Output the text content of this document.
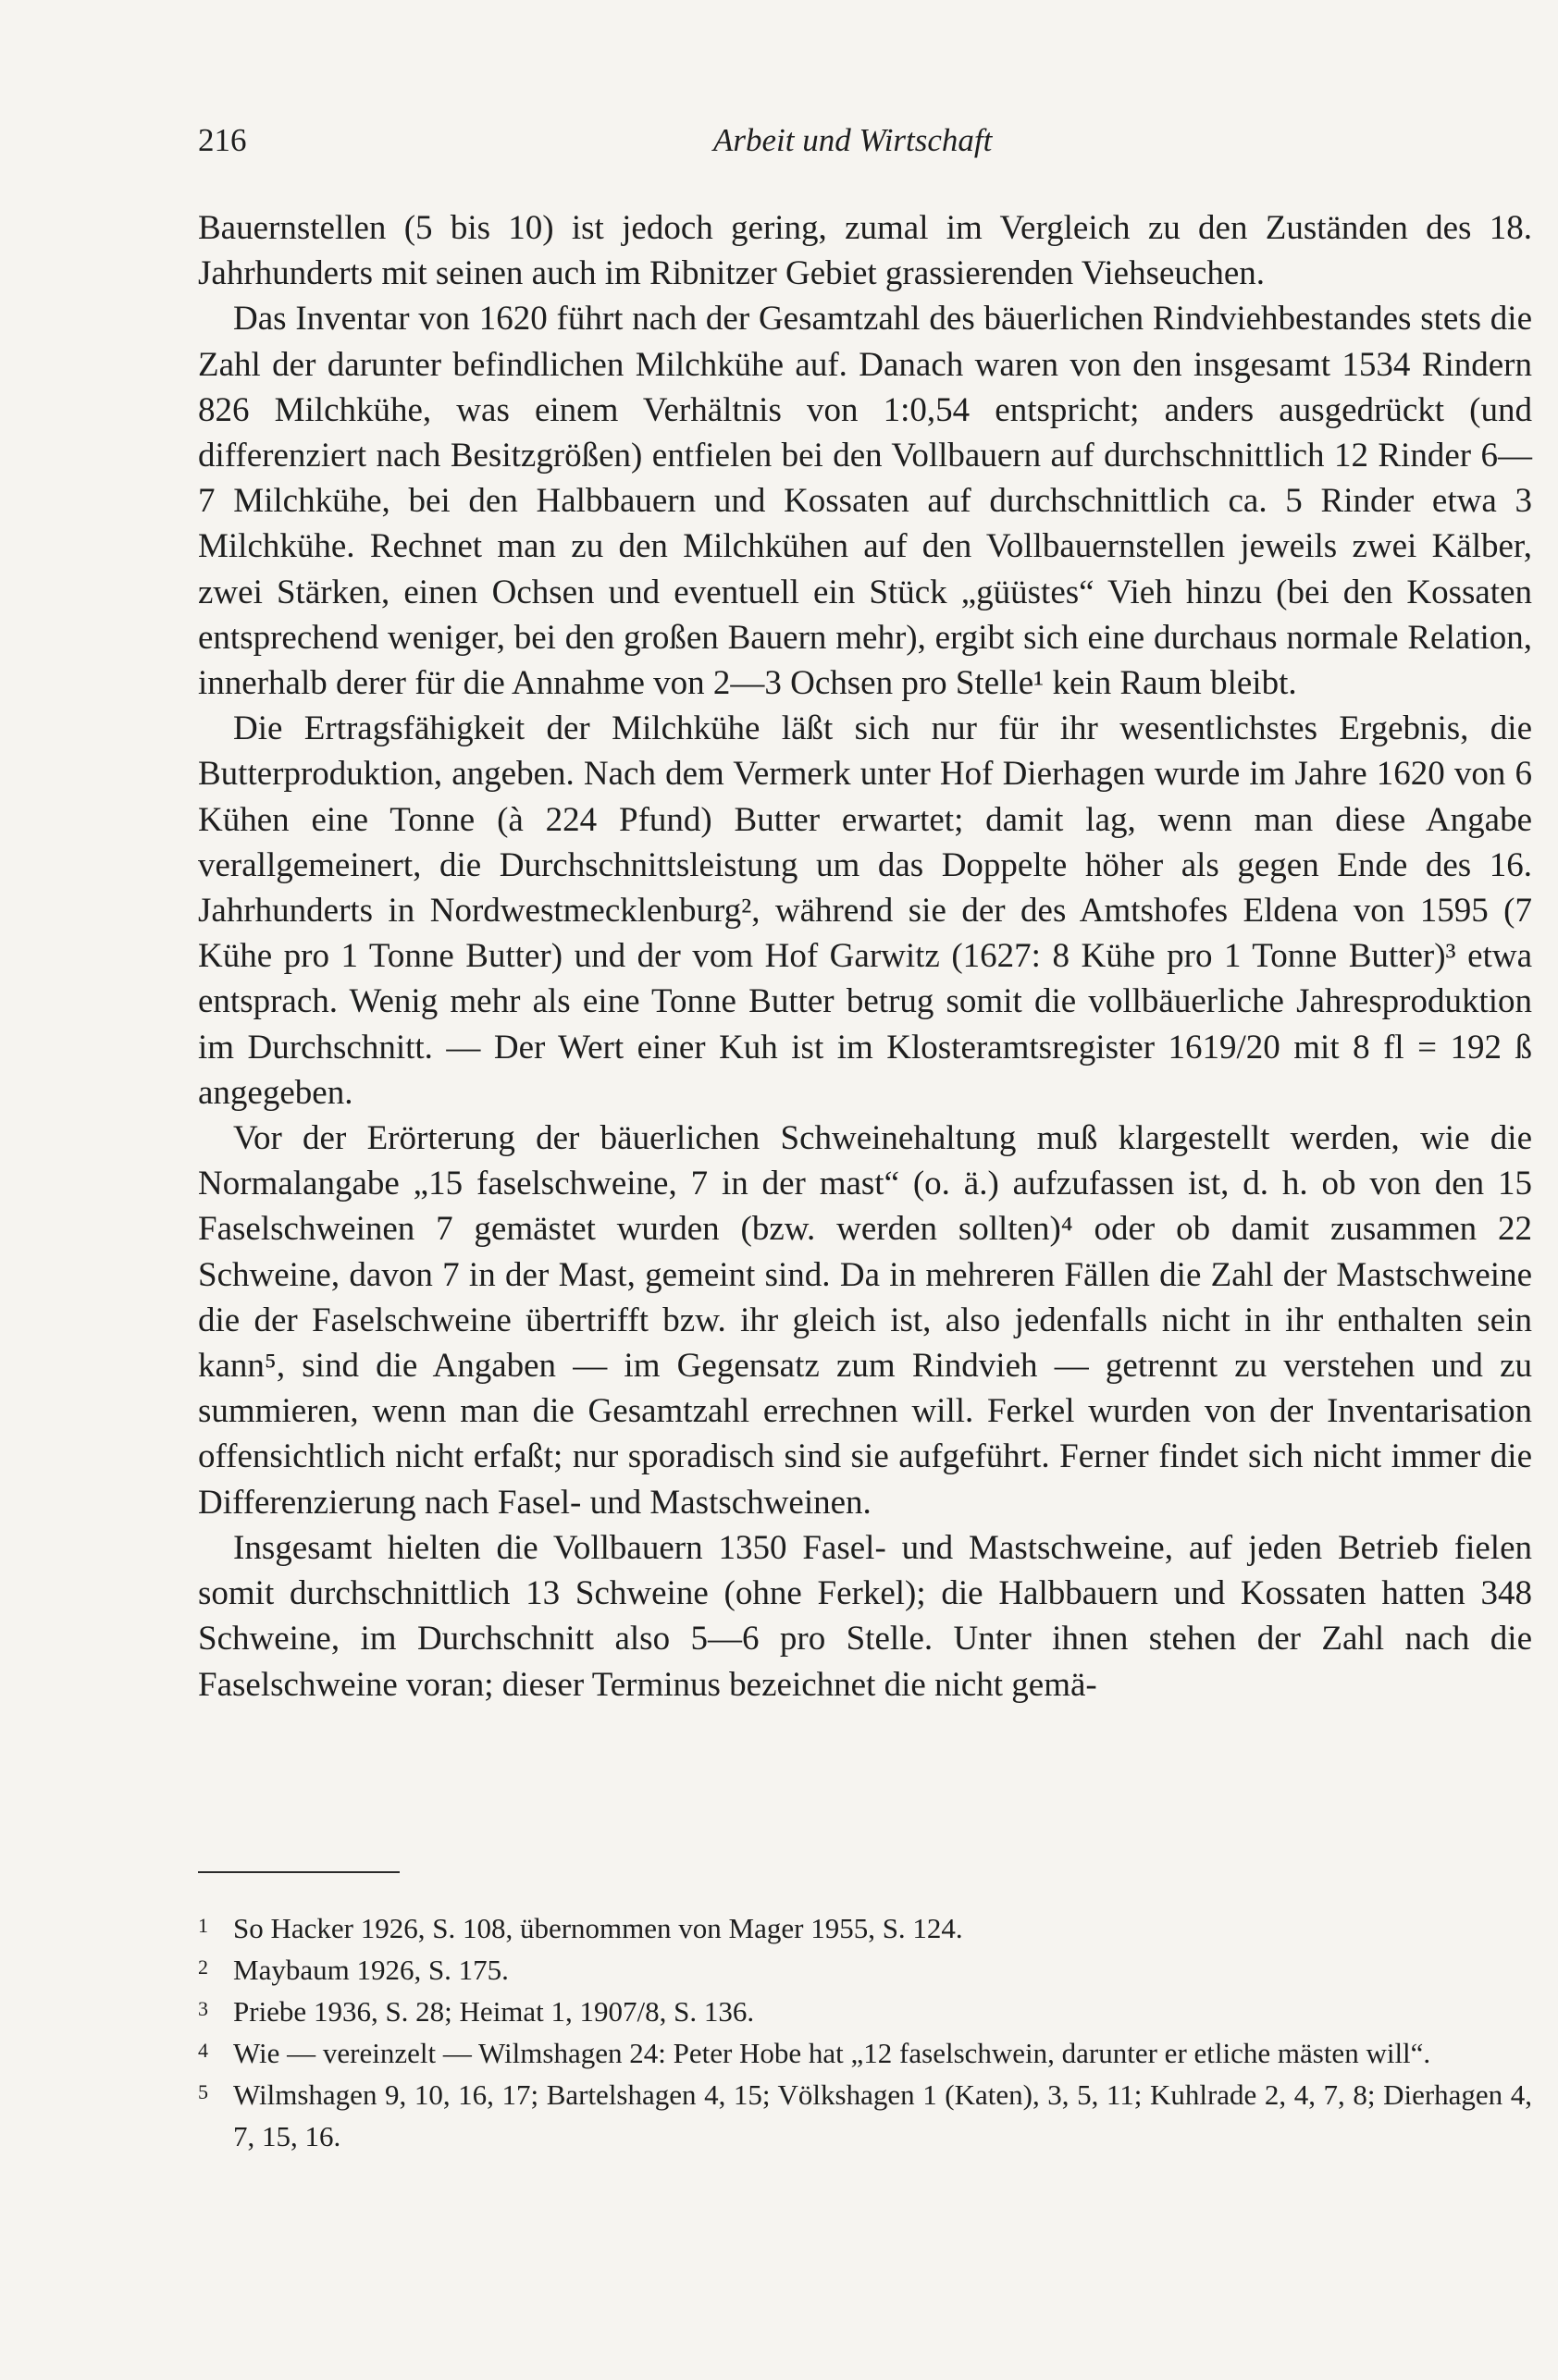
216	Arbeit und Wirtschaft

Bauernstellen (5 bis 10) ist jedoch gering, zumal im Vergleich zu den Zuständen des 18. Jahrhunderts mit seinen auch im Ribnitzer Gebiet grassierenden Viehseuchen.

Das Inventar von 1620 führt nach der Gesamtzahl des bäuerlichen Rindviehbestandes stets die Zahl der darunter befindlichen Milchkühe auf. Danach waren von den insgesamt 1534 Rindern 826 Milchkühe, was einem Verhältnis von 1:0,54 entspricht; anders ausgedrückt (und differenziert nach Besitzgrößen) entfielen bei den Vollbauern auf durchschnittlich 12 Rinder 6—7 Milchkühe, bei den Halbbauern und Kossaten auf durchschnittlich ca. 5 Rinder etwa 3 Milchkühe. Rechnet man zu den Milchkühen auf den Vollbauernstellen jeweils zwei Kälber, zwei Stärken, einen Ochsen und eventuell ein Stück „güüstes“ Vieh hinzu (bei den Kossaten entsprechend weniger, bei den großen Bauern mehr), ergibt sich eine durchaus normale Relation, innerhalb derer für die Annahme von 2—3 Ochsen pro Stelle¹ kein Raum bleibt.

Die Ertragsfähigkeit der Milchkühe läßt sich nur für ihr wesentlichstes Ergebnis, die Butterproduktion, angeben. Nach dem Vermerk unter Hof Dierhagen wurde im Jahre 1620 von 6 Kühen eine Tonne (à 224 Pfund) Butter erwartet; damit lag, wenn man diese Angabe verallgemeinert, die Durchschnittsleistung um das Doppelte höher als gegen Ende des 16. Jahrhunderts in Nordwestmecklenburg², während sie der des Amtshofes Eldena von 1595 (7 Kühe pro 1 Tonne Butter) und der vom Hof Garwitz (1627: 8 Kühe pro 1 Tonne Butter)³ etwa entsprach. Wenig mehr als eine Tonne Butter betrug somit die vollbäuerliche Jahresproduktion im Durchschnitt. — Der Wert einer Kuh ist im Klosteramtsregister 1619/20 mit 8 fl = 192 ß angegeben.

Vor der Erörterung der bäuerlichen Schweinehaltung muß klargestellt werden, wie die Normalangabe „15 faselschweine, 7 in der mast“ (o. ä.) aufzufassen ist, d. h. ob von den 15 Faselschweinen 7 gemästet wurden (bzw. werden sollten)⁴ oder ob damit zusammen 22 Schweine, davon 7 in der Mast, gemeint sind. Da in mehreren Fällen die Zahl der Mastschweine die der Faselschweine übertrifft bzw. ihr gleich ist, also jedenfalls nicht in ihr enthalten sein kann⁵, sind die Angaben — im Gegensatz zum Rindvieh — getrennt zu verstehen und zu summieren, wenn man die Gesamtzahl errechnen will. Ferkel wurden von der Inventarisation offensichtlich nicht erfaßt; nur sporadisch sind sie aufgeführt. Ferner findet sich nicht immer die Differenzierung nach Fasel- und Mastschweinen.

Insgesamt hielten die Vollbauern 1350 Fasel- und Mastschweine, auf jeden Betrieb fielen somit durchschnittlich 13 Schweine (ohne Ferkel); die Halbbauern und Kossaten hatten 348 Schweine, im Durchschnitt also 5—6 pro Stelle. Unter ihnen stehen der Zahl nach die Faselschweine voran; dieser Terminus bezeichnet die nicht gemä-

1 So Hacker 1926, S. 108, übernommen von Mager 1955, S. 124.
2 Maybaum 1926, S. 175.
3 Priebe 1936, S. 28; Heimat 1, 1907/8, S. 136.
4 Wie — vereinzelt — Wilmshagen 24: Peter Hobe hat „12 faselschwein, darunter er etliche mästen will“.
5 Wilmshagen 9, 10, 16, 17; Bartelshagen 4, 15; Völkshagen 1 (Katen), 3, 5, 11; Kuhlrade 2, 4, 7, 8; Dierhagen 4, 7, 15, 16.
